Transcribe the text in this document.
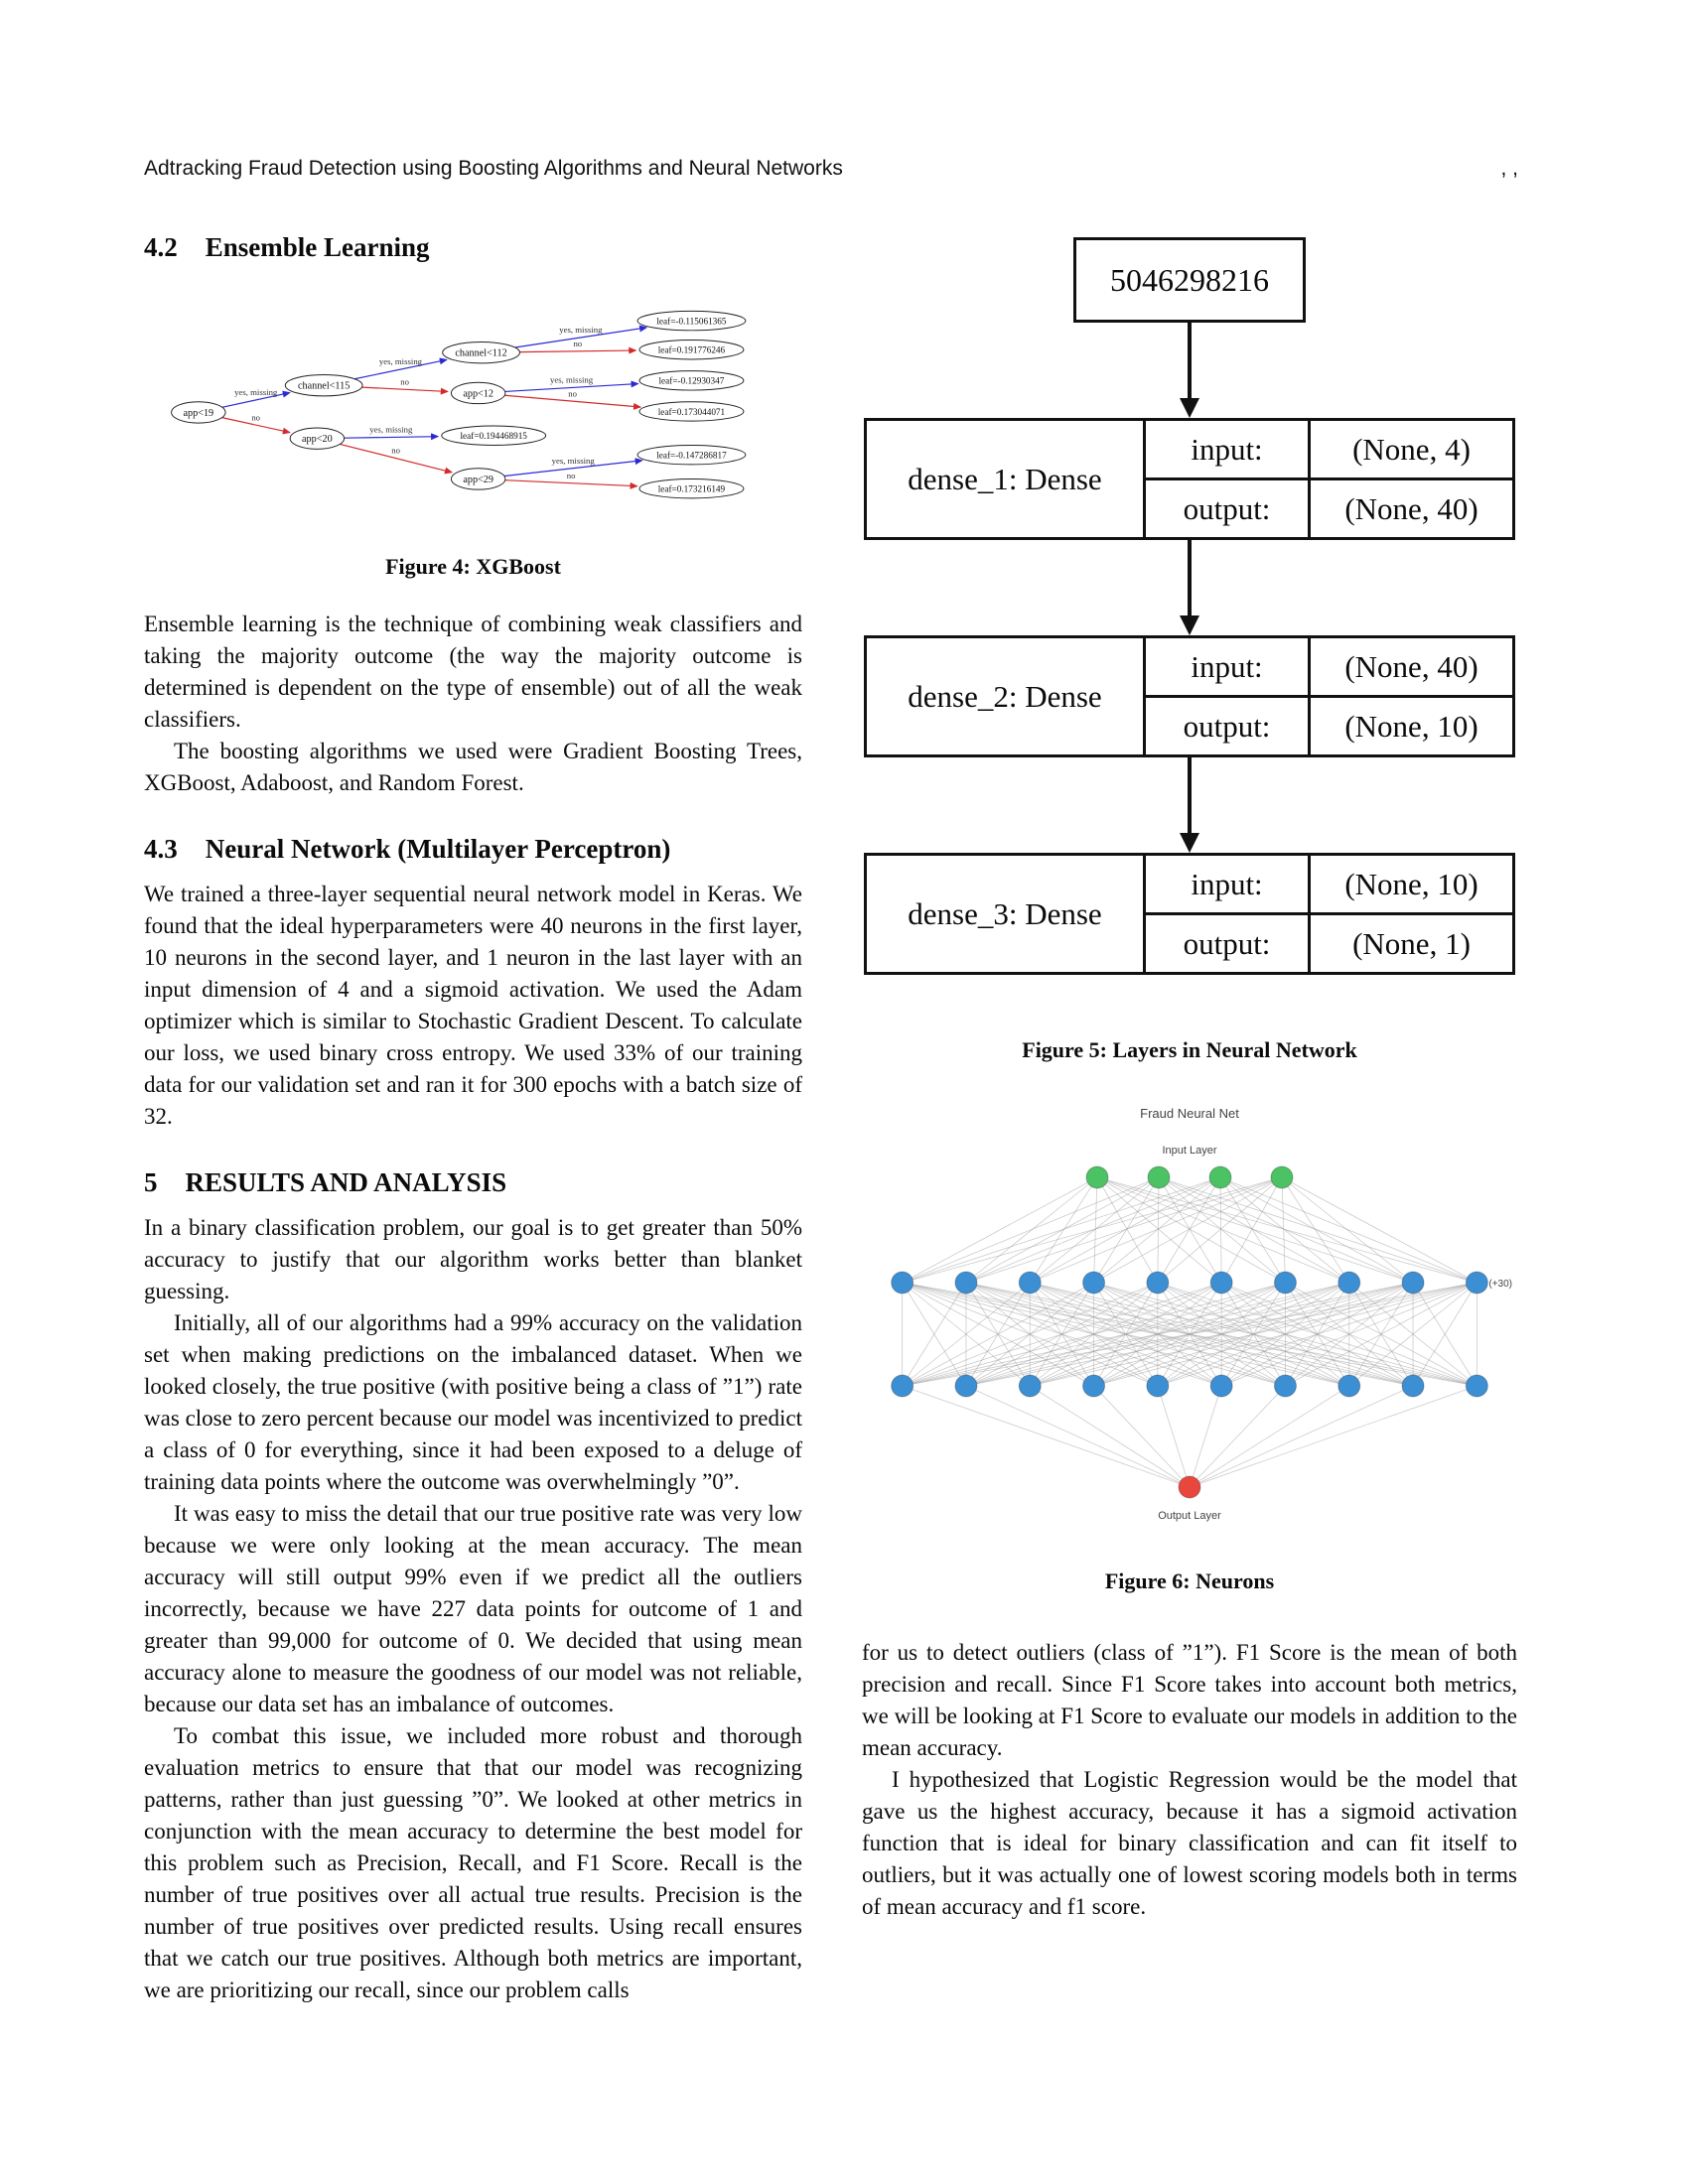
Adtracking Fraud Detection using Boosting Algorithms and Neural Networks	, ,
4.2 Ensemble Learning
yes, missing
no
yes, missing
no
yes, missing
no
yes, missing
no
yes, missing
no
yes, missing
no
app<19
channel<115
app<20
channel<112
app<12
leaf=0.194468915
app<29
leaf=-0.115061365
leaf=0.191776246
leaf=-0.12930347
leaf=0.173044071
leaf=-0.147286817
leaf=0.173216149
Figure 4: XGBoost

Ensemble learning is the technique of combining weak classifiers and taking the majority outcome (the way the majority outcome is determined is dependent on the type of ensemble) out of all the weak classifiers.

The boosting algorithms we used were Gradient Boosting Trees, XGBoost, Adaboost, and Random Forest.

4.3 Neural Network (Multilayer Perceptron)

We trained a three-layer sequential neural network model in Keras. We found that the ideal hyperparameters were 40 neurons in the first layer, 10 neurons in the second layer, and 1 neuron in the last layer with an input dimension of 4 and a sigmoid activation. We used the Adam optimizer which is similar to Stochastic Gradient Descent. To calculate our loss, we used binary cross entropy. We used 33% of our training data for our validation set and ran it for 300 epochs with a batch size of 32.

5 RESULTS AND ANALYSIS

In a binary classification problem, our goal is to get greater than 50% accuracy to justify that our algorithm works better than blanket guessing.

Initially, all of our algorithms had a 99% accuracy on the validation set when making predictions on the imbalanced dataset. When we looked closely, the true positive (with positive being a class of ”1”) rate was close to zero percent because our model was incentivized to predict a class of 0 for everything, since it had been exposed to a deluge of training data points where the outcome was overwhelmingly ”0”.

It was easy to miss the detail that our true positive rate was very low because we were only looking at the mean accuracy. The mean accuracy will still output 99% even if we predict all the outliers incorrectly, because we have 227 data points for outcome of 1 and greater than 99,000 for outcome of 0. We decided that using mean accuracy alone to measure the goodness of our model was not reliable, because our data set has an imbalance of outcomes.

To combat this issue, we included more robust and thorough evaluation metrics to ensure that that our model was recognizing patterns, rather than just guessing ”0”. We looked at other metrics in conjunction with the mean accuracy to determine the best model for this problem such as Precision, Recall, and F1 Score. Recall is the number of true positives over all actual true results. Precision is the number of true positives over predicted results. Using recall ensures that we catch our true positives. Although both metrics are important, we are prioritizing our recall, since our problem calls

5046298216
dense_1: Dense
input:	(None, 4)
output:	(None, 40)
dense_2: Dense
input:	(None, 40)
output:	(None, 10)
dense_3: Dense
input:	(None, 10)
output:	(None, 1)
Figure 5: Layers in Neural Network
Fraud Neural Net
Input Layer
Output Layer
(+30)
Figure 6: Neurons

for us to detect outliers (class of ”1”). F1 Score is the mean of both precision and recall. Since F1 Score takes into account both metrics, we will be looking at F1 Score to evaluate our models in addition to the mean accuracy.

I hypothesized that Logistic Regression would be the model that gave us the highest accuracy, because it has a sigmoid activation function that is ideal for binary classification and can fit itself to outliers, but it was actually one of lowest scoring models both in terms of mean accuracy and f1 score.
